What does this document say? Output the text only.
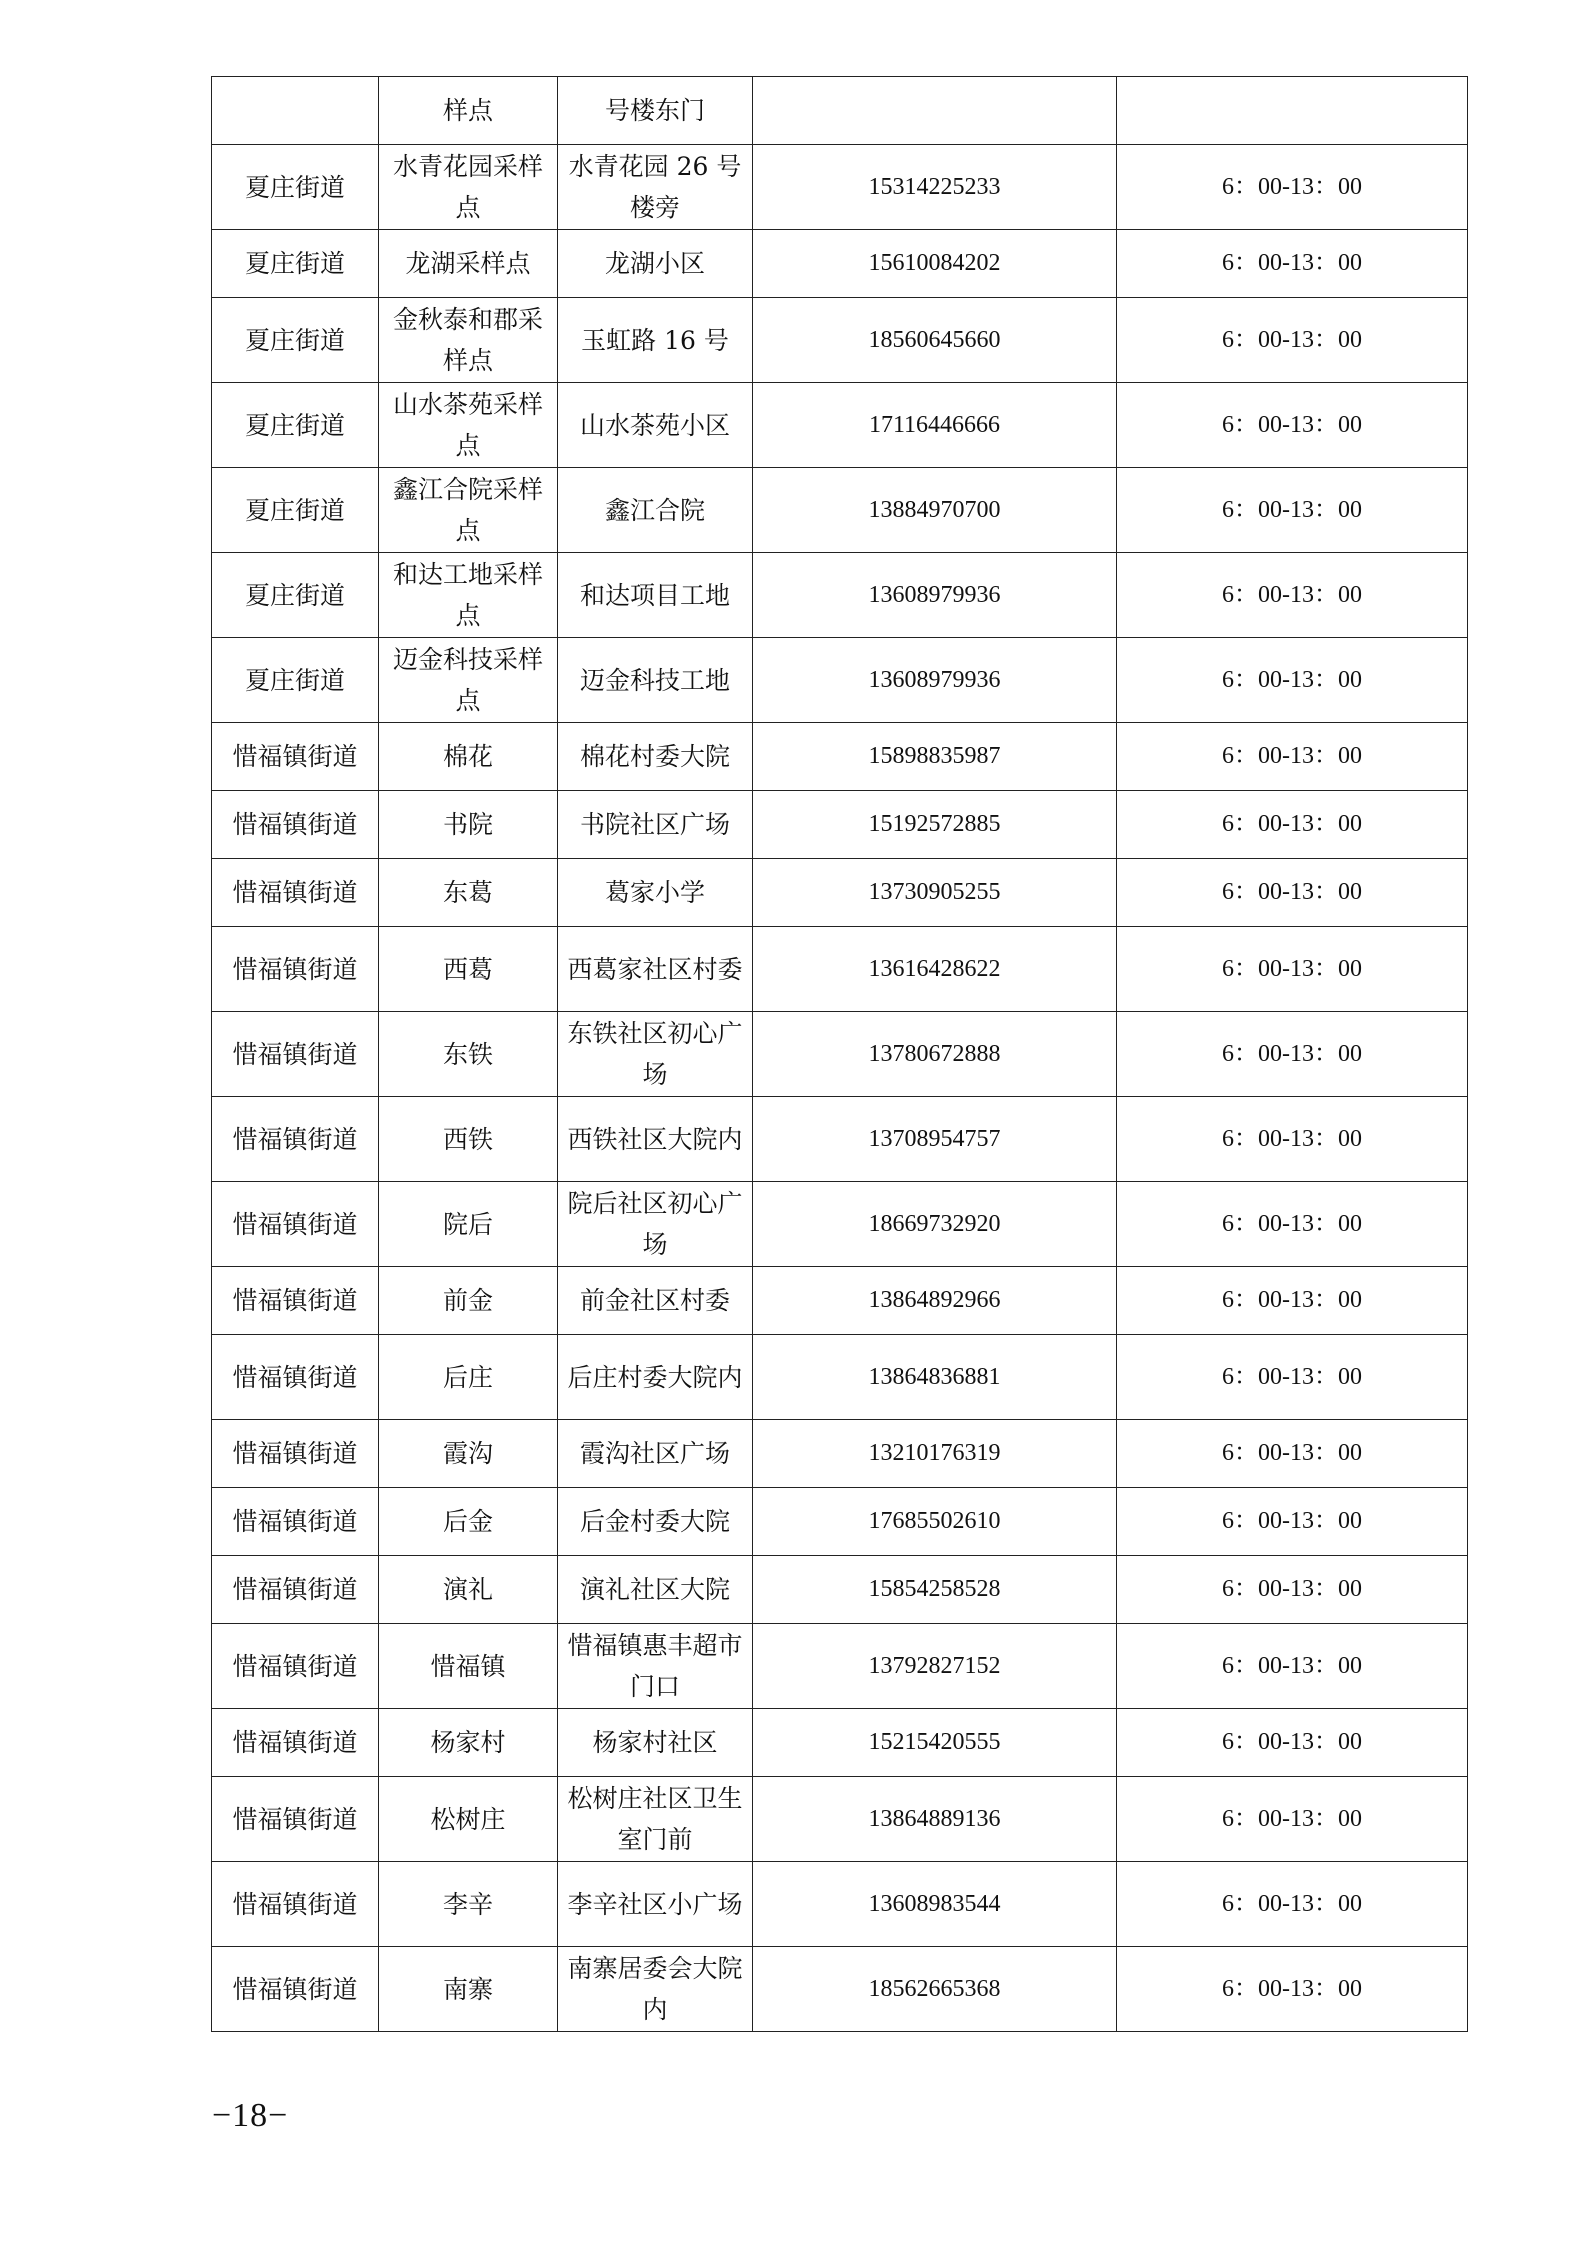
	样点	号楼东门		
夏庄街道	水青花园采样点	水青花园 26 号楼旁	15314225233	6：00-13：00
夏庄街道	龙湖采样点	龙湖小区	15610084202	6：00-13：00
夏庄街道	金秋泰和郡采样点	玉虹路 16 号	18560645660	6：00-13：00
夏庄街道	山水茶苑采样点	山水茶苑小区	17116446666	6：00-13：00
夏庄街道	鑫江合院采样点	鑫江合院	13884970700	6：00-13：00
夏庄街道	和达工地采样点	和达项目工地	13608979936	6：00-13：00
夏庄街道	迈金科技采样点	迈金科技工地	13608979936	6：00-13：00
惜福镇街道	棉花	棉花村委大院	15898835987	6：00-13：00
惜福镇街道	书院	书院社区广场	15192572885	6：00-13：00
惜福镇街道	东葛	葛家小学	13730905255	6：00-13：00
惜福镇街道	西葛	西葛家社区村委	13616428622	6：00-13：00
惜福镇街道	东铁	东铁社区初心广场	13780672888	6：00-13：00
惜福镇街道	西铁	西铁社区大院内	13708954757	6：00-13：00
惜福镇街道	院后	院后社区初心广场	18669732920	6：00-13：00
惜福镇街道	前金	前金社区村委	13864892966	6：00-13：00
惜福镇街道	后庄	后庄村委大院内	13864836881	6：00-13：00
惜福镇街道	霞沟	霞沟社区广场	13210176319	6：00-13：00
惜福镇街道	后金	后金村委大院	17685502610	6：00-13：00
惜福镇街道	演礼	演礼社区大院	15854258528	6：00-13：00
惜福镇街道	惜福镇	惜福镇惠丰超市门口	13792827152	6：00-13：00
惜福镇街道	杨家村	杨家村社区	15215420555	6：00-13：00
惜福镇街道	松树庄	松树庄社区卫生室门前	13864889136	6：00-13：00
惜福镇街道	李辛	李辛社区小广场	13608983544	6：00-13：00
惜福镇街道	南寨	南寨居委会大院内	18562665368	6：00-13：00
−18−
